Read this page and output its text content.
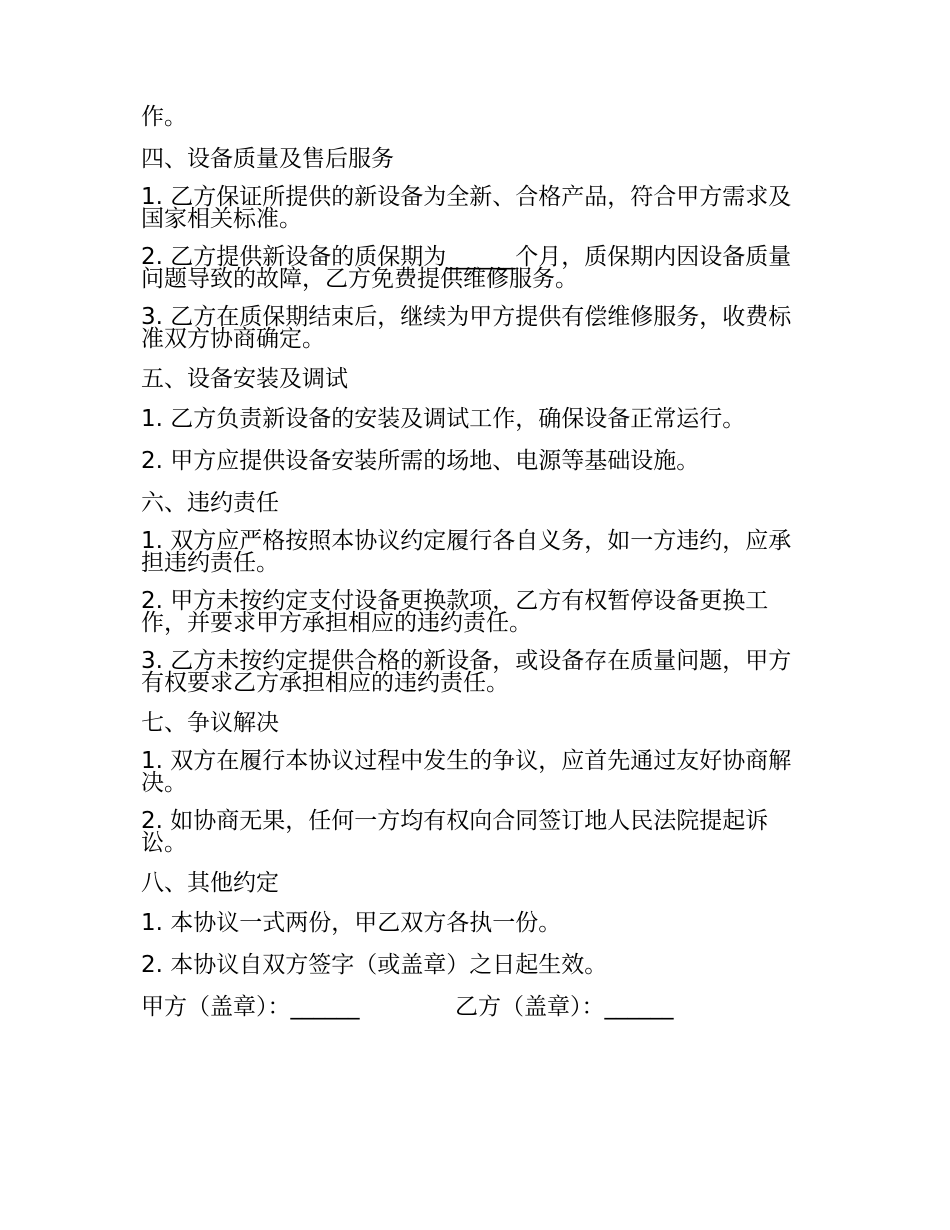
作。

四、设备质量及售后服务

1. 乙方保证所提供的新设备为全新、合格产品，符合甲方需求及国家相关标准。

2. 乙方提供新设备的质保期为______个月，质保期内因设备质量问题导致的故障，乙方免费提供维修服务。

3. 乙方在质保期结束后，继续为甲方提供有偿维修服务，收费标准双方协商确定。

五、设备安装及调试

1. 乙方负责新设备的安装及调试工作，确保设备正常运行。

2. 甲方应提供设备安装所需的场地、电源等基础设施。

六、违约责任

1. 双方应严格按照本协议约定履行各自义务，如一方违约，应承担违约责任。

2. 甲方未按约定支付设备更换款项，乙方有权暂停设备更换工作，并要求甲方承担相应的违约责任。

3. 乙方未按约定提供合格的新设备，或设备存在质量问题，甲方有权要求乙方承担相应的违约责任。

七、争议解决

1. 双方在履行本协议过程中发生的争议，应首先通过友好协商解决。

2. 如协商无果，任何一方均有权向合同签订地人民法院提起诉讼。

八、其他约定

1. 本协议一式两份，甲乙双方各执一份。

2. 本协议自双方签字（或盖章）之日起生效。

甲方（盖章）：______	乙方（盖章）：______
